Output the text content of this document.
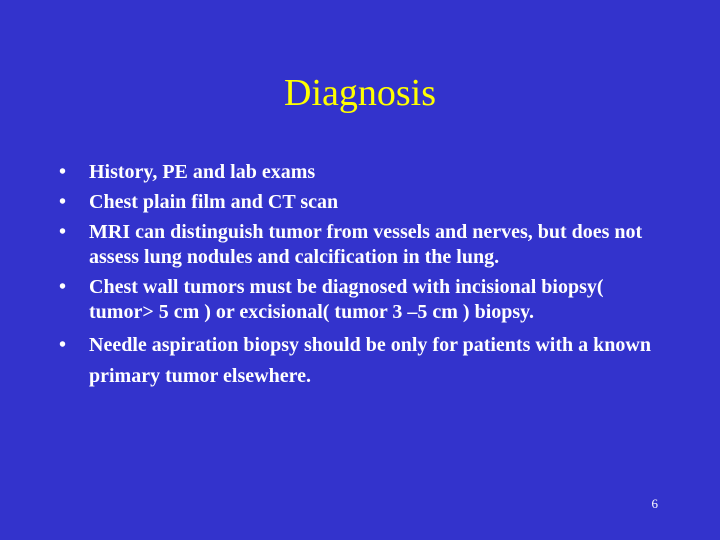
Diagnosis
• History, PE and lab exams
• Chest plain film and CT scan
• MRI can distinguish tumor from vessels and nerves, but does not assess lung nodules and calcification in the lung.
• Chest wall tumors must be diagnosed with incisional biopsy( tumor> 5 cm ) or excisional( tumor 3 –5 cm ) biopsy.
• Needle aspiration biopsy should be only for patients with a known primary tumor elsewhere.
6
